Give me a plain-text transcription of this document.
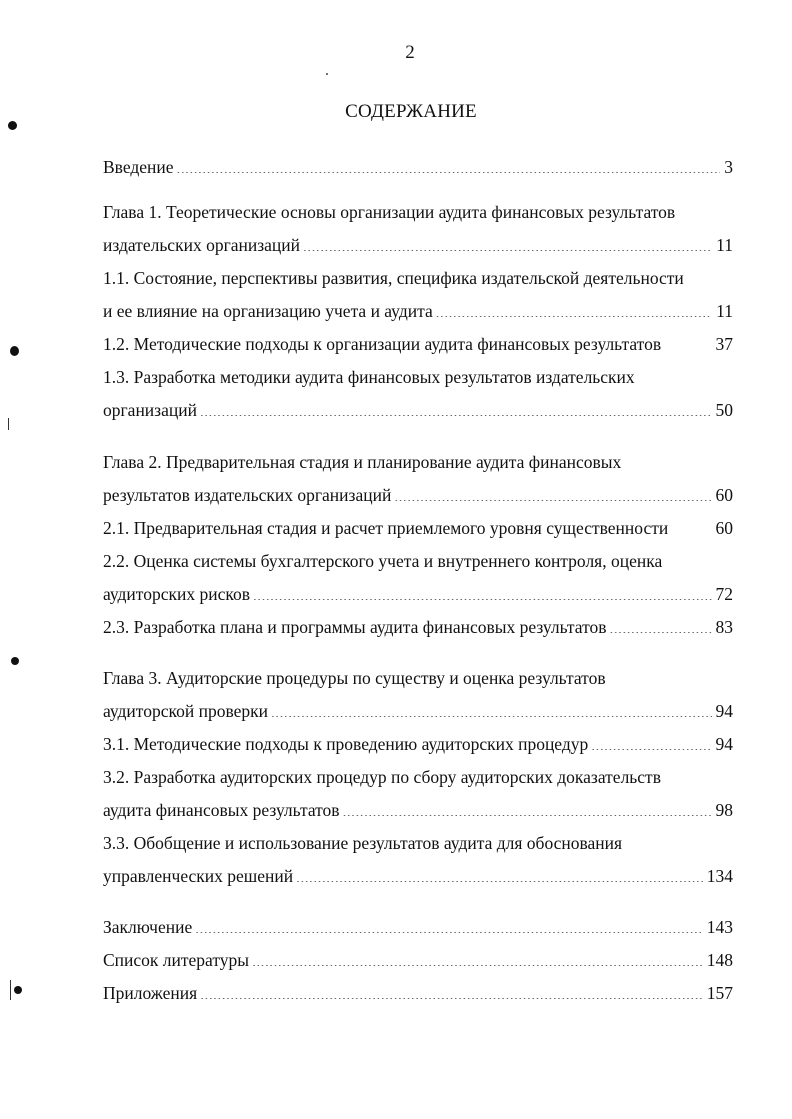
2
СОДЕРЖАНИЕ
Введение . . .	3
Глава 1. Теоретические основы организации аудита финансовых результатов
издательских организаций . . .	11
1.1. Состояние, перспективы развития, специфика издательской деятельности
и ее влияние на организацию учета и аудита . . .	11
1.2. Методические подходы к организации аудита финансовых результатов	37
1.3. Разработка методики аудита финансовых результатов издательских
организаций . . .	50
Глава 2. Предварительная стадия и планирование аудита финансовых
результатов издательских организаций . . .	60
2.1. Предварительная стадия и расчет приемлемого уровня существенности	60
2.2. Оценка системы бухгалтерского учета и внутреннего контроля, оценка
аудиторских рисков . . .	72
2.3. Разработка плана и программы аудита финансовых результатов . . .	83
Глава 3. Аудиторские процедуры по существу и оценка результатов
аудиторской проверки . . .	94
3.1. Методические подходы к проведению аудиторских процедур . . .	94
3.2. Разработка аудиторских процедур по сбору аудиторских доказательств
аудита финансовых результатов . . .	98
3.3. Обобщение и использование результатов аудита для обоснования
управленческих решений . . .	134
Заключение . . .	143
Список литературы . . .	148
Приложения . . .	157
